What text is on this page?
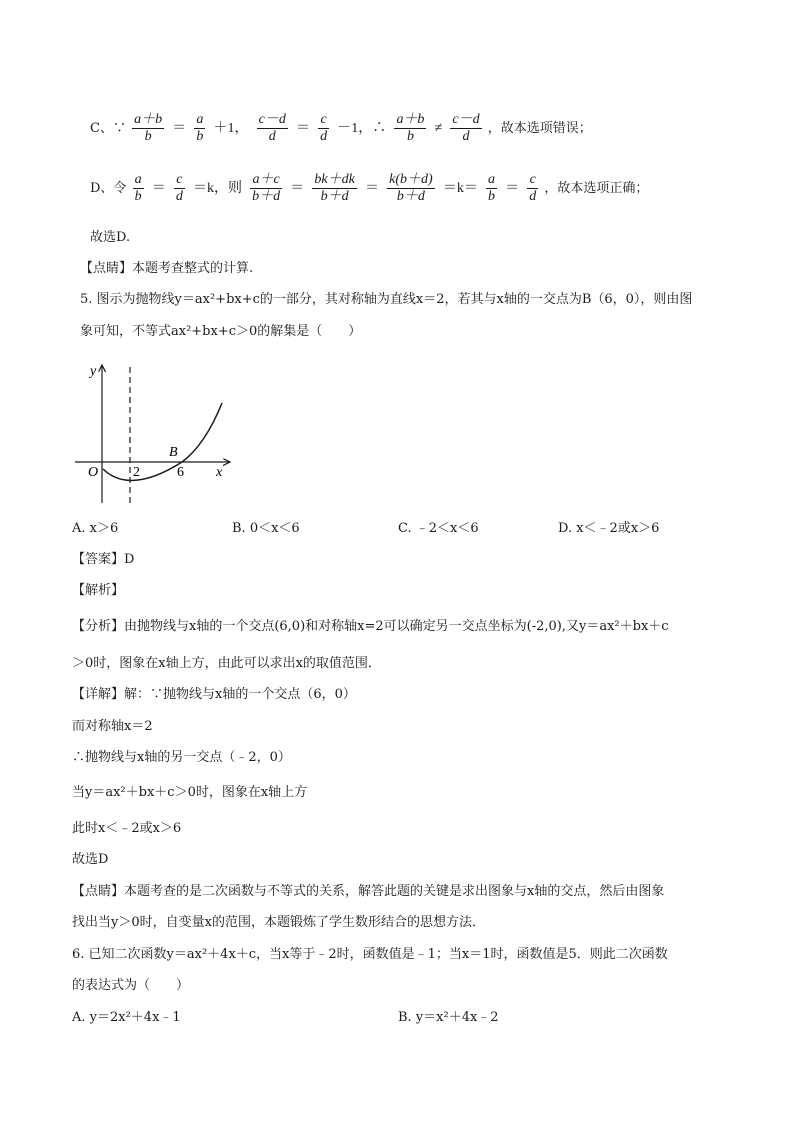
C、∵ $\frac{a+b}{b} = \frac{a}{b} +1$， $\frac{c-d}{d} = \frac{c}{d} -1$，∴ $\frac{a+b}{b} \ne \frac{c-d}{d}$ ，故本选项错误；
D、令 $\frac{a}{b} = \frac{c}{d} =k$，则 $\frac{a+c}{b+d} = \frac{bk+dk}{b+d} = \frac{k(b+d)}{b+d} =k= \frac{a}{b} = \frac{c}{d}$ ，故本选项正确；
故选D.
【点睛】本题考查整式的计算.
5. 图示为抛物线y＝ax²+bx+c的一部分，其对称轴为直线x＝2，若其与x轴的一交点为B（6，0），则由图
象可知，不等式ax²+bx+c＞0的解集是（　　）
y
x
O 2	6
B
A. x＞6	B. 0＜x＜6	C. ﹣2＜x＜6	D. x＜﹣2或x＞6
【答案】D
【解析】
【分析】由抛物线与x轴的一个交点(6,0)和对称轴x=2可以确定另一交点坐标为(-2,0),又y＝ax²＋bx＋c
＞0时，图象在x轴上方，由此可以求出x的取值范围．
【详解】解：∵抛物线与x轴的一个交点（6，0）
而对称轴x＝2
∴抛物线与x轴的另一交点（﹣2，0）
当y＝ax²＋bx＋c＞0时，图象在x轴上方
此时x＜﹣2或x＞6
故选D
【点睛】本题考查的是二次函数与不等式的关系，解答此题的关键是求出图象与x轴的交点，然后由图象
找出当y＞0时，自变量x的范围，本题锻炼了学生数形结合的思想方法．
6. 已知二次函数y＝ax²＋4x＋c，当x等于﹣2时，函数值是﹣1；当x＝1时，函数值是5．则此二次函数
的表达式为（　　）
A. y＝2x²＋4x﹣1	B. y＝x²＋4x﹣2
